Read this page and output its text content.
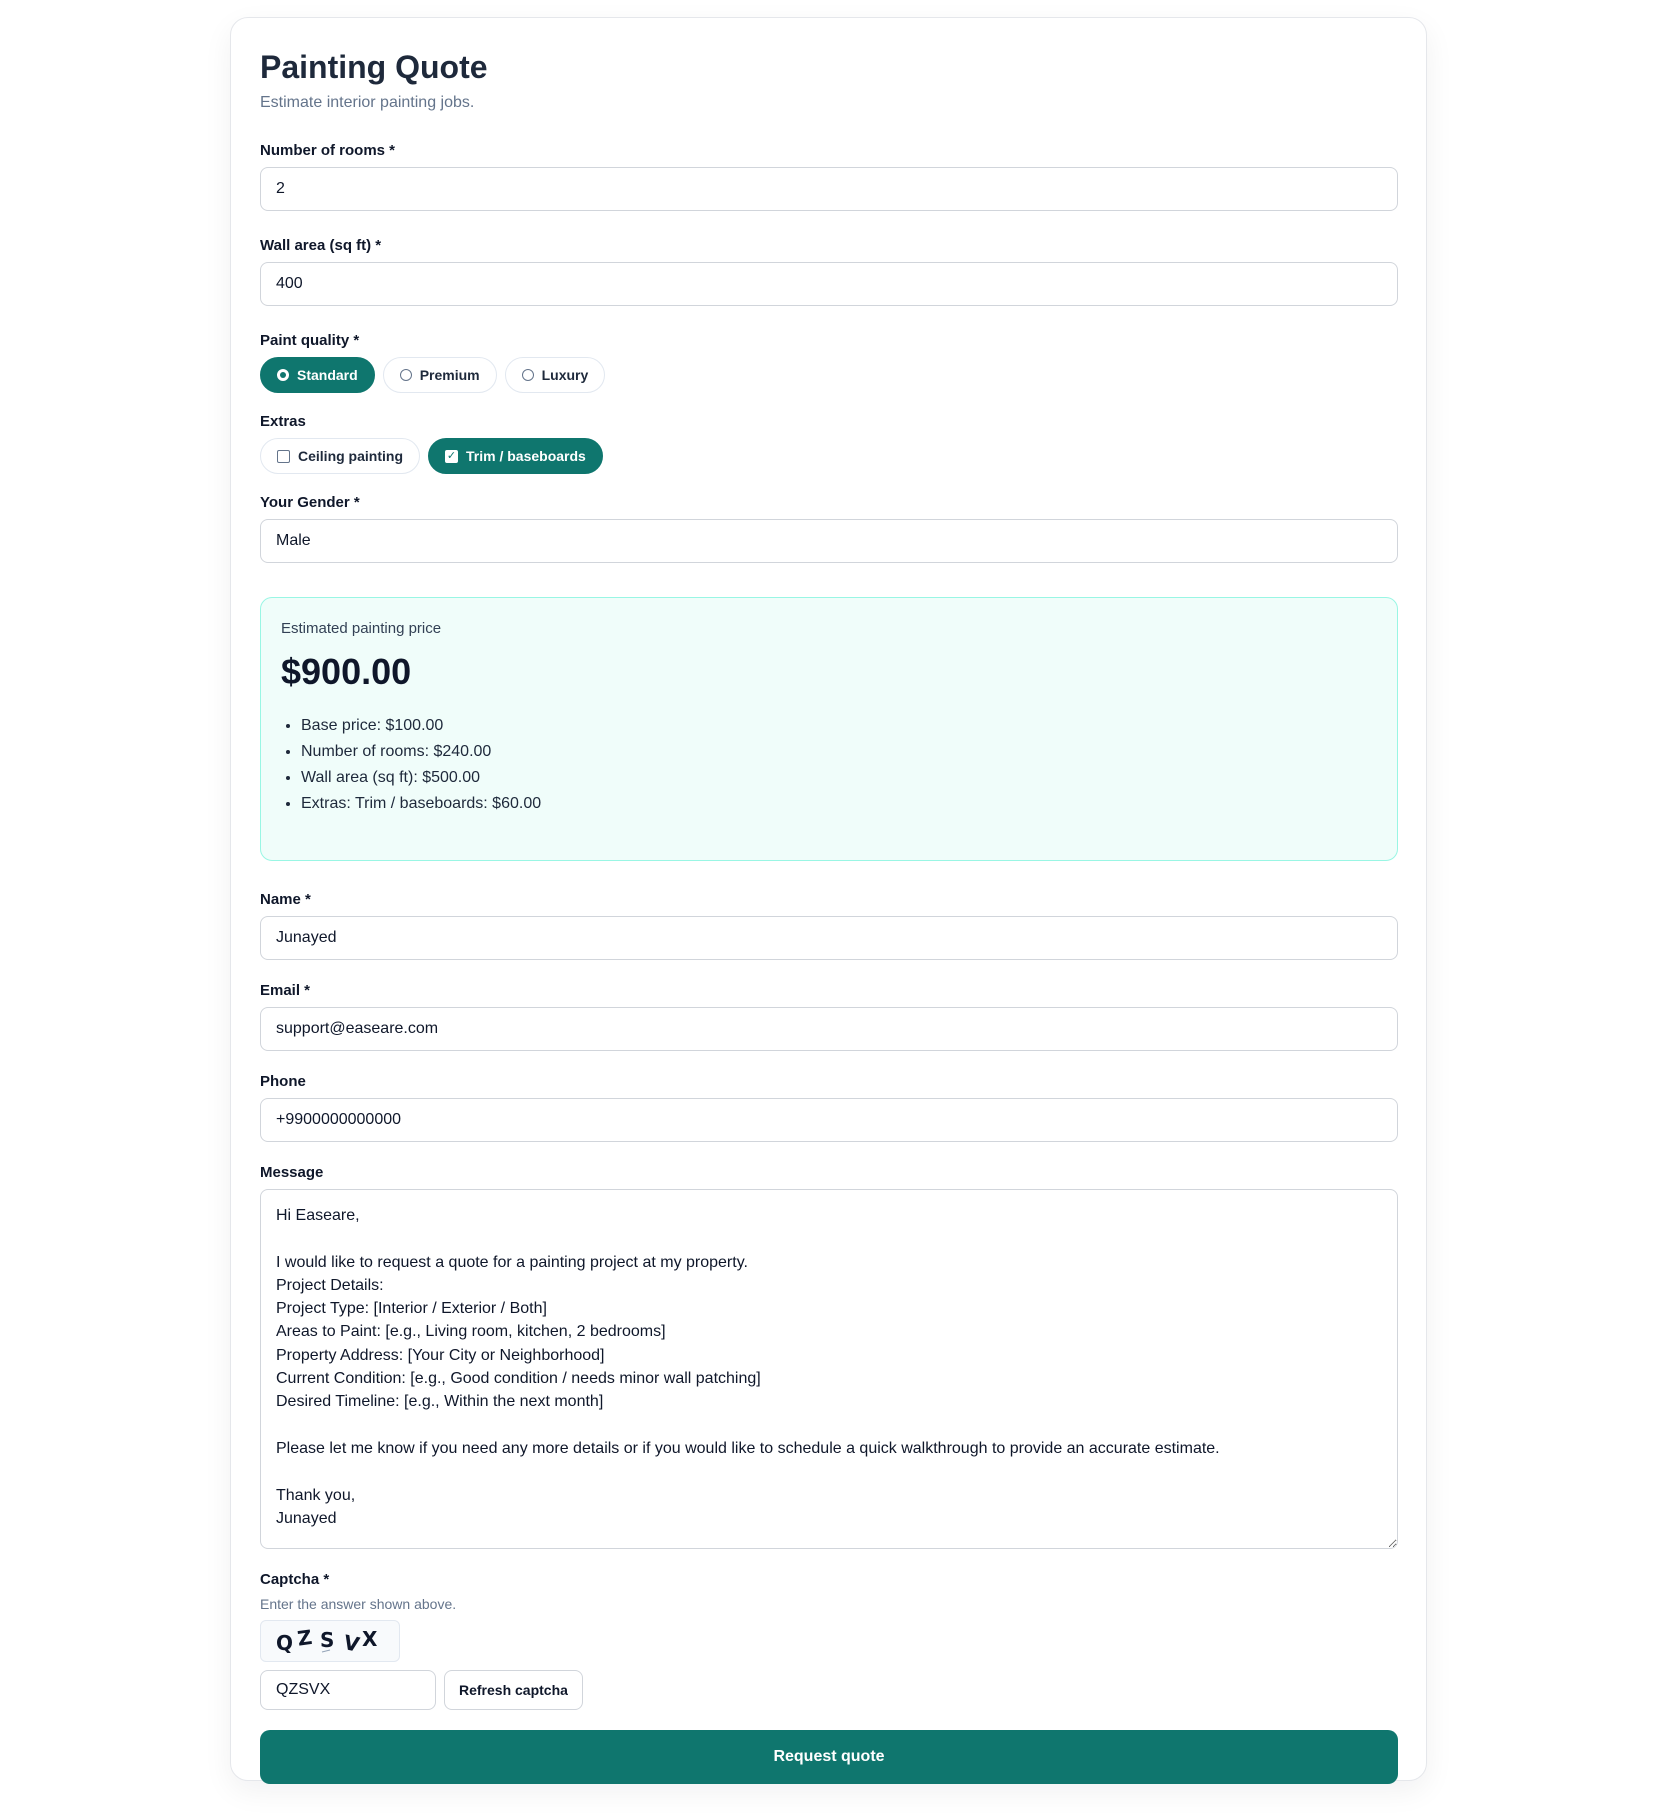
Painting Quote

Estimate interior painting jobs.

Number of rooms *
2
Wall area (sq ft) *
400
Paint quality *
Standard	Premium	Luxury
Extras
Ceiling painting	✓ Trim / baseboards
Your Gender *
Male
Estimated painting price
$900.00
• Base price: $100.00
• Number of rooms: $240.00
• Wall area (sq ft): $500.00
• Extras: Trim / baseboards: $60.00
Name *
Junayed
Email *
support@easeare.com
Phone
+9900000000000
Message
Hi Easeare, I would like to request a quote for a painting project at my property. Project Details: Project Type: [Interior / Exterior / Both] Areas to Paint: [e.g., Living room, kitchen, 2 bedrooms] Property Address: [Your City or Neighborhood] Current Condition: [e.g., Good condition / needs minor wall patching] Desired Timeline: [e.g., Within the next month] Please let me know if you need any more details or if you would like to schedule a quick walkthrough to provide an accurate estimate. Thank you, Junayed
Captcha *
Enter the answer shown above.
Q Z S V X
QZSVX
Refresh captcha
Request quote
